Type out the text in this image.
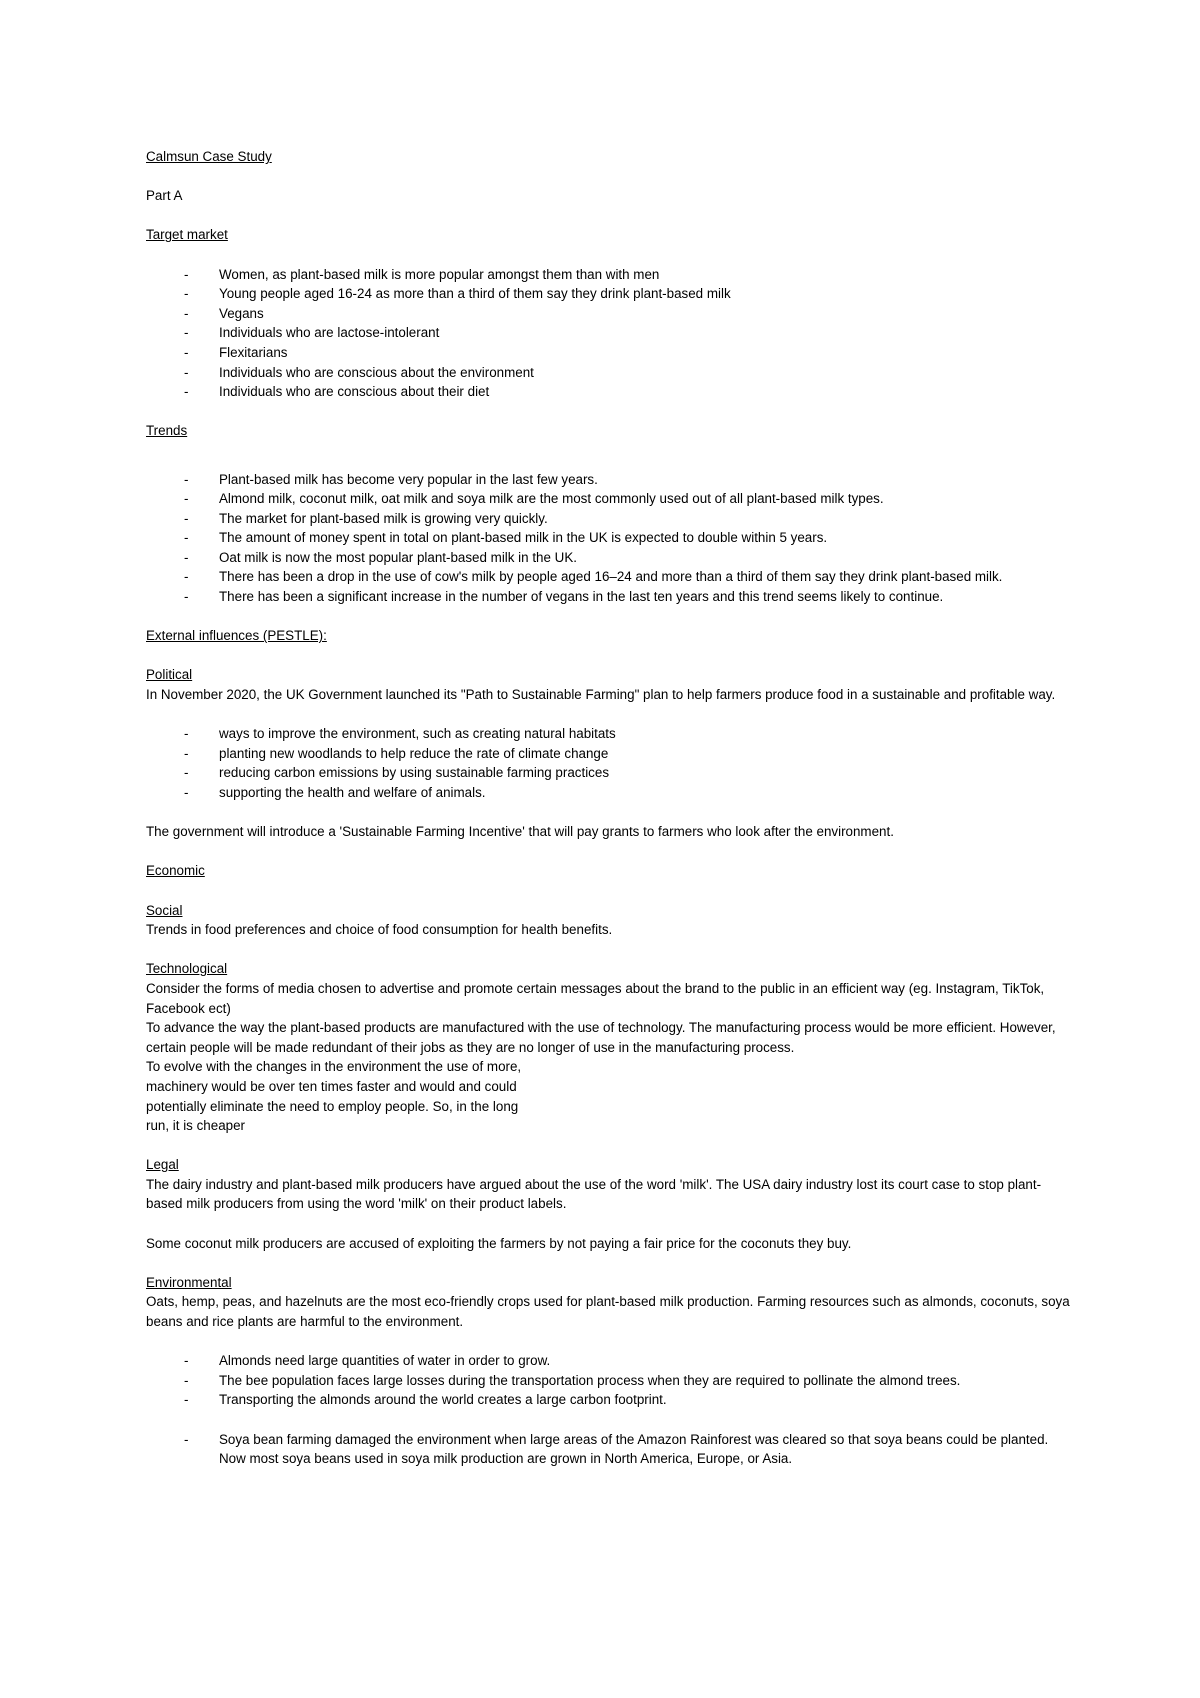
Calmsun Case Study

Part A

Target market

- Women, as plant-based milk is more popular amongst them than with men
- Young people aged 16-24 as more than a third of them say they drink plant-based milk
- Vegans
- Individuals who are lactose-intolerant
- Flexitarians
- Individuals who are conscious about the environment
- Individuals who are conscious about their diet

Trends

- Plant-based milk has become very popular in the last few years.
- Almond milk, coconut milk, oat milk and soya milk are the most commonly used out of all plant-based milk types.
- The market for plant-based milk is growing very quickly.
- The amount of money spent in total on plant-based milk in the UK is expected to double within 5 years.
- Oat milk is now the most popular plant-based milk in the UK.
- There has been a drop in the use of cow's milk by people aged 16–24 and more than a third of them say they drink plant-based milk.
- There has been a significant increase in the number of vegans in the last ten years and this trend seems likely to continue.

External influences (PESTLE):

Political

In November 2020, the UK Government launched its "Path to Sustainable Farming" plan to help farmers produce food in a sustainable and profitable way.

- ways to improve the environment, such as creating natural habitats
- planting new woodlands to help reduce the rate of climate change
- reducing carbon emissions by using sustainable farming practices
- supporting the health and welfare of animals.

The government will introduce a 'Sustainable Farming Incentive' that will pay grants to farmers who look after the environment.

Economic

Social

Trends in food preferences and choice of food consumption for health benefits.

Technological

Consider the forms of media chosen to advertise and promote certain messages about the brand to the public in an efficient way (eg. Instagram, TikTok, Facebook ect)

To advance the way the plant-based products are manufactured with the use of technology. The manufacturing process would be more efficient. However, certain people will be made redundant of their jobs as they are no longer of use in the manufacturing process.

To evolve with the changes in the environment the use of more,

machinery would be over ten times faster and would and could

potentially eliminate the need to employ people. So, in the long

run, it is cheaper

Legal

The dairy industry and plant-based milk producers have argued about the use of the word 'milk'. The USA dairy industry lost its court case to stop plant-based milk producers from using the word 'milk' on their product labels.

Some coconut milk producers are accused of exploiting the farmers by not paying a fair price for the coconuts they buy.

Environmental

Oats, hemp, peas, and hazelnuts are the most eco-friendly crops used for plant-based milk production. Farming resources such as almonds, coconuts, soya beans and rice plants are harmful to the environment.

- Almonds need large quantities of water in order to grow.
- The bee population faces large losses during the transportation process when they are required to pollinate the almond trees.
- Transporting the almonds around the world creates a large carbon footprint.
- Soya bean farming damaged the environment when large areas of the Amazon Rainforest was cleared so that soya beans could be planted. Now most soya beans used in soya milk production are grown in North America, Europe, or Asia.
